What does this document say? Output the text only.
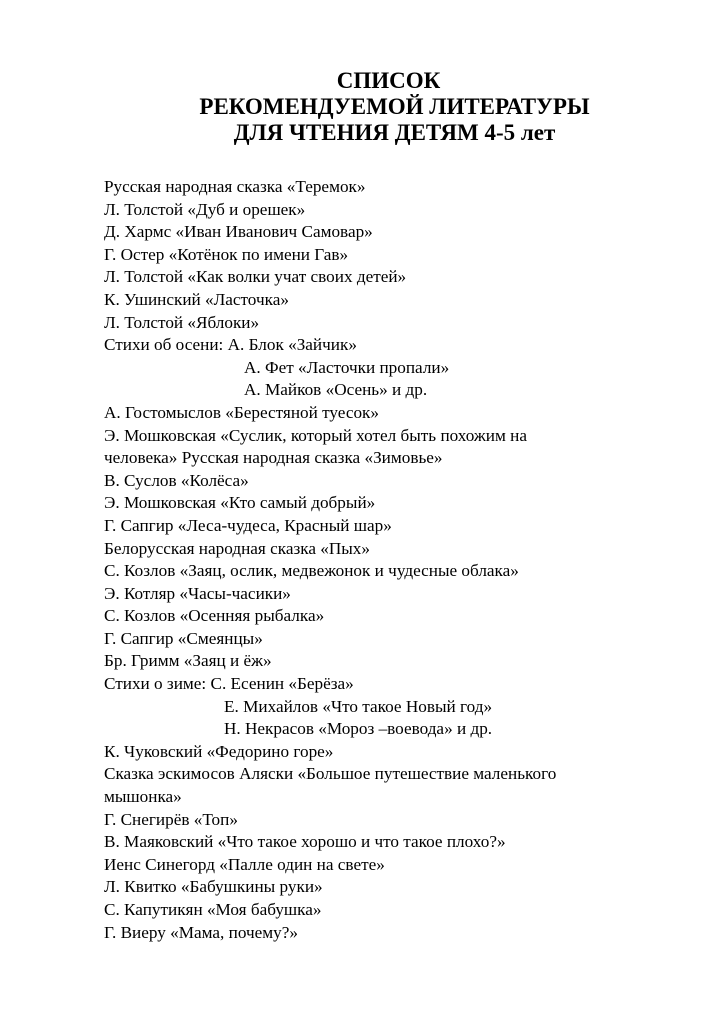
СПИСОК
РЕКОМЕНДУЕМОЙ ЛИТЕРАТУРЫ
ДЛЯ ЧТЕНИЯ ДЕТЯМ 4-5 лет
Русская народная сказка «Теремок»
Л. Толстой «Дуб и орешек»
Д. Хармс «Иван Иванович Самовар»
Г. Остер «Котёнок по имени Гав»
Л. Толстой «Как волки учат своих детей»
К. Ушинский «Ласточка»
Л. Толстой «Яблоки»
Стихи об осени: А. Блок «Зайчик»
А. Фет «Ласточки пропали»
А. Майков «Осень» и др.
А. Гостомыслов «Берестяной туесок»
Э. Мошковская «Суслик, который хотел быть похожим на
человека» Русская народная сказка «Зимовье»
В. Суслов «Колёса»
Э. Мошковская «Кто самый добрый»
Г. Сапгир «Леса-чудеса, Красный шар»
Белорусская народная сказка «Пых»
С. Козлов «Заяц, ослик, медвежонок и чудесные облака»
Э. Котляр «Часы-часики»
С. Козлов «Осенняя рыбалка»
Г. Сапгир «Смеянцы»
Бр. Гримм «Заяц и ёж»
Стихи о зиме: С. Есенин «Берёза»
Е. Михайлов «Что такое Новый год»
Н. Некрасов «Мороз –воевода» и др.
К. Чуковский «Федорино горе»
Сказка эскимосов Аляски «Большое путешествие маленького
мышонка»
Г. Снегирёв «Топ»
В. Маяковский «Что такое хорошо и что такое плохо?»
Иенс Синегорд «Палле один на свете»
Л. Квитко «Бабушкины руки»
С. Капутикян «Моя бабушка»
Г. Виеру «Мама, почему?»
